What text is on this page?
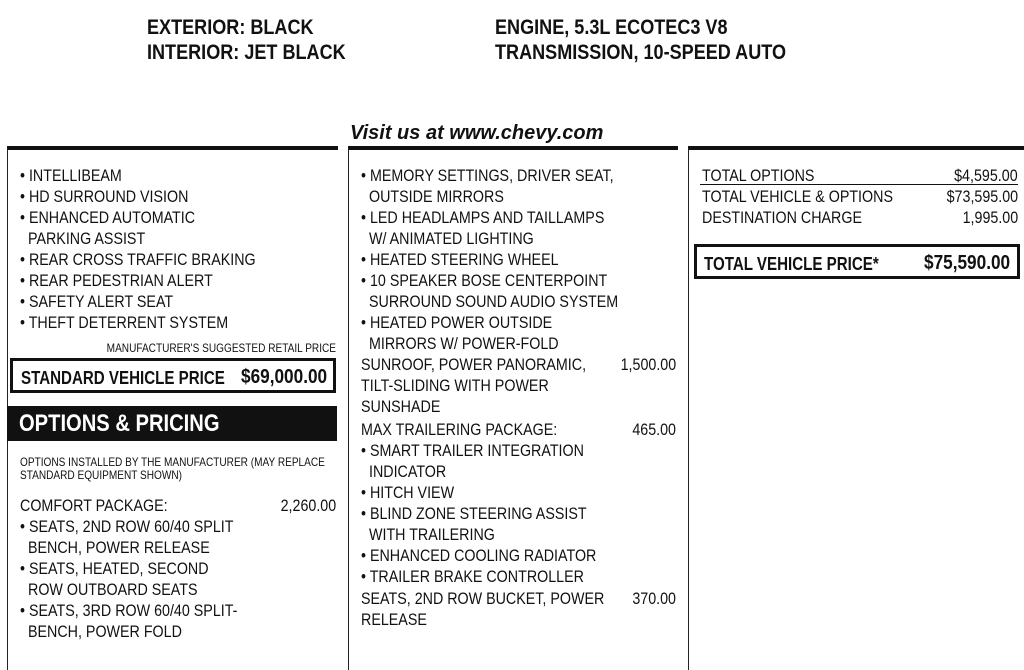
EXTERIOR: BLACK
INTERIOR: JET BLACK
ENGINE, 5.3L ECOTEC3 V8
TRANSMISSION, 10-SPEED AUTO
Visit us at www.chevy.com
• INTELLIBEAM
• HD SURROUND VISION
• ENHANCED AUTOMATIC
PARKING ASSIST
• REAR CROSS TRAFFIC BRAKING
• REAR PEDESTRIAN ALERT
• SAFETY ALERT SEAT
• THEFT DETERRENT SYSTEM
MANUFACTURER'S SUGGESTED RETAIL PRICE
STANDARD VEHICLE PRICE $69,000.00
OPTIONS & PRICING
OPTIONS INSTALLED BY THE MANUFACTURER (MAY REPLACE
STANDARD EQUIPMENT SHOWN)
COMFORT PACKAGE:	2,260.00
• SEATS, 2ND ROW 60/40 SPLIT
BENCH, POWER RELEASE
• SEATS, HEATED, SECOND
ROW OUTBOARD SEATS
• SEATS, 3RD ROW 60/40 SPLIT-
BENCH, POWER FOLD
• MEMORY SETTINGS, DRIVER SEAT,
OUTSIDE MIRRORS
• LED HEADLAMPS AND TAILLAMPS
W/ ANIMATED LIGHTING
• HEATED STEERING WHEEL
• 10 SPEAKER BOSE CENTERPOINT
SURROUND SOUND AUDIO SYSTEM
• HEATED POWER OUTSIDE
MIRRORS W/ POWER-FOLD
SUNROOF, POWER PANORAMIC, 1,500.00
TILT-SLIDING WITH POWER
SUNSHADE
MAX TRAILERING PACKAGE:	465.00
• SMART TRAILER INTEGRATION
INDICATOR
• HITCH VIEW
• BLIND ZONE STEERING ASSIST
WITH TRAILERING
• ENHANCED COOLING RADIATOR
• TRAILER BRAKE CONTROLLER
SEATS, 2ND ROW BUCKET, POWER 370.00
RELEASE
TOTAL OPTIONS	$4,595.00
TOTAL VEHICLE & OPTIONS	$73,595.00
DESTINATION CHARGE	1,995.00
TOTAL VEHICLE PRICE* $75,590.00
